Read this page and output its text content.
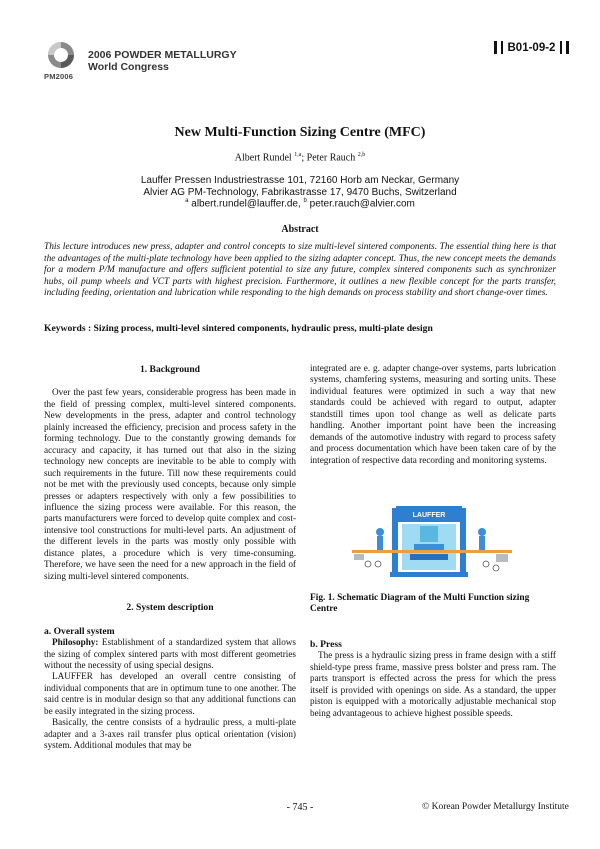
PM2006
2006 POWDER METALLURGY
World Congress
B01-09-2
New Multi-Function Sizing Centre (MFC)
Albert Rundel $^{1,a}$; Peter Rauch $^{2,b}$
Lauffer Pressen Industriestrasse 101, 72160 Horb am Neckar, Germany
Alvier AG PM-Technology, Fabrikastrasse 17, 9470 Buchs, Switzerland
$^a$ albert.rundel@lauffer.de, $^b$ peter.rauch@alvier.com
Abstract
This lecture introduces new press, adapter and control concepts to size multi-level sintered components. The essential thing here is that the advantages of the multi-plate technology have been applied to the sizing adapter concept. Thus, the new concept meets the demands for a modern P/M manufacture and offers sufficient potential to size any future, complex sintered components such as synchronizer hubs, oil pump wheels and VCT parts with highest precision. Furthermore, it outlines a new flexible concept for the parts transfer, including feeding, orientation and lubrication while responding to the high demands on process stability and short change-over times.
Keywords : Sizing process, multi-level sintered components, hydraulic press, multi-plate design
1. Background

Over the past few years, considerable progress has been made in the field of pressing complex, multi-level sintered components. New developments in the press, adapter and control technology plainly increased the efficiency, precision and process safety in the forming technology. Due to the constantly growing demands for accuracy and capacity, it has turned out that also in the sizing technology new concepts are inevitable to be able to comply with such requirements in the future. Till now these requirements could not be met with the previously used concepts, because only simple presses or adapters respectively with only a few possibilities to influence the sizing process were available. For this reason, the parts manufacturers were forced to develop quite complex and cost-intensive tool constructions for multi-level parts. An adjustment of the different levels in the parts was mostly only possible with distance plates, a procedure which is very time-consuming. Therefore, we have seen the need for a new approach in the field of sizing multi-level sintered components.

2. System description
a. Overall system

Philosophy: Establishment of a standardized system that allows the sizing of complex sintered parts with most different geometries without the necessity of using special designs.

LAUFFER has developed an overall centre consisting of individual components that are in optimum tune to one another. The said centre is in modular design so that any additional functions can be easily integrated in the sizing process.

Basically, the centre consists of a hydraulic press, a multi-plate adapter and a 3-axes rail transfer plus optical orientation (vision) system. Additional modules that may be

integrated are e. g. adapter change-over systems, parts lubrication systems, chamfering systems, measuring and sorting units. These individual features were optimized in such a way that new standards could be achieved with regard to output, adapter standstill times upon tool change as well as delicate parts handling. Another important point have been the increasing demands of the automotive industry with regard to process safety and process documentation which have been taken care of by the integration of respective data recording and monitoring systems.

LAUFFER
Fig. 1. Schematic Diagram of the Multi Function sizing Centre
b. Press

The press is a hydraulic sizing press in frame design with a stiff shield-type press frame, massive press bolster and press ram. The parts transport is effected across the press for which the press itself is provided with openings on side. As a standard, the upper piston is equipped with a motorically adjustable mechanical stop being advantageous to achieve highest possible speeds.

- 745 -	© Korean Powder Metallurgy Institute
